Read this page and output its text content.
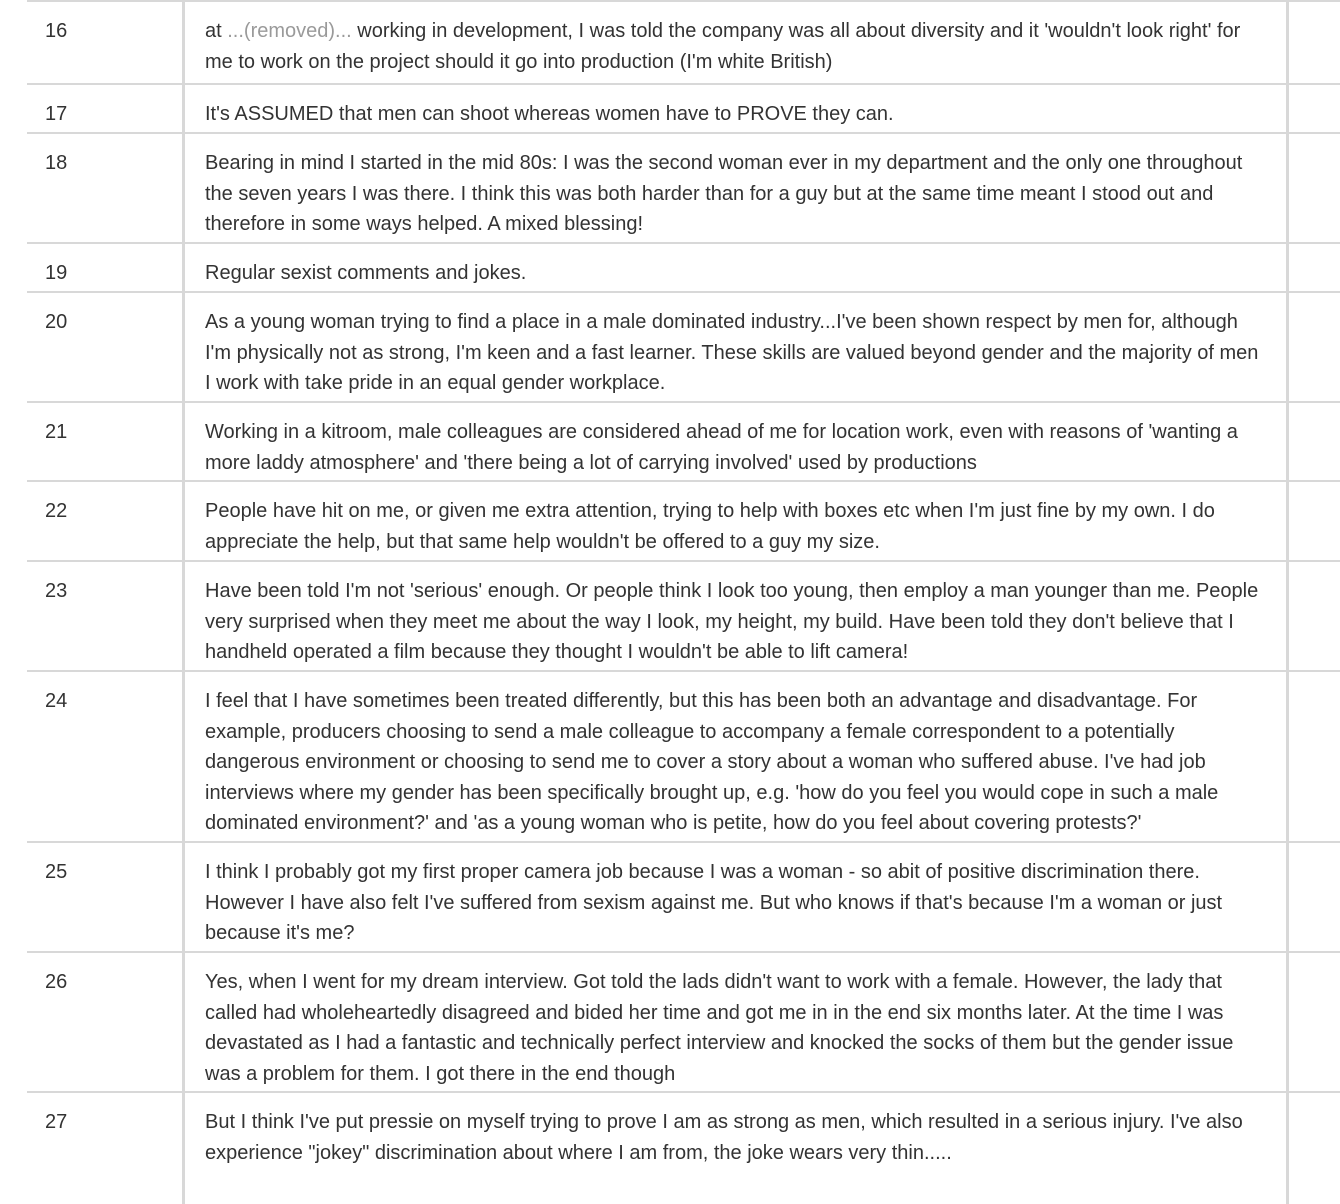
16	at ...(removed)... working in development, I was told the company was all about diversity and it 'wouldn't look right' for me to work on the project should it go into production (I'm white British)
17	It's ASSUMED that men can shoot whereas women have to PROVE they can.
18	Bearing in mind I started in the mid 80s: I was the second woman ever in my department and the only one throughout the seven years I was there. I think this was both harder than for a guy but at the same time meant I stood out and therefore in some ways helped. A mixed blessing!
19	Regular sexist comments and jokes.
20	As a young woman trying to find a place in a male dominated industry...I've been shown respect by men for, although I'm physically not as strong, I'm keen and a fast learner. These skills are valued beyond gender and the majority of men I work with take pride in an equal gender workplace.
21	Working in a kitroom, male colleagues are considered ahead of me for location work, even with reasons of 'wanting a more laddy atmosphere' and 'there being a lot of carrying involved' used by productions
22	People have hit on me, or given me extra attention, trying to help with boxes etc when I'm just fine by my own. I do appreciate the help, but that same help wouldn't be offered to a guy my size.
23	Have been told I'm not 'serious' enough. Or people think I look too young, then employ a man younger than me. People very surprised when they meet me about the way I look, my height, my build. Have been told they don't believe that I handheld operated a film because they thought I wouldn't be able to lift camera!
24	I feel that I have sometimes been treated differently, but this has been both an advantage and disadvantage. For example, producers choosing to send a male colleague to accompany a female correspondent to a potentially dangerous environment or choosing to send me to cover a story about a woman who suffered abuse. I've had job interviews where my gender has been specifically brought up, e.g. 'how do you feel you would cope in such a male dominated environment?' and 'as a young woman who is petite, how do you feel about covering protests?'
25	I think I probably got my first proper camera job because I was a woman - so abit of positive discrimination there. However I have also felt I've suffered from sexism against me. But who knows if that's because I'm a woman or just because it's me?
26	Yes, when I went for my dream interview. Got told the lads didn't want to work with a female. However, the lady that called had wholeheartedly disagreed and bided her time and got me in in the end six months later. At the time I was devastated as I had a fantastic and technically perfect interview and knocked the socks of them but the gender issue was a problem for them. I got there in the end though
27	But I think I've put pressie on myself trying to prove I am as strong as men, which resulted in a serious injury. I've also experience "jokey" discrimination about where I am from, the joke wears very thin.....
